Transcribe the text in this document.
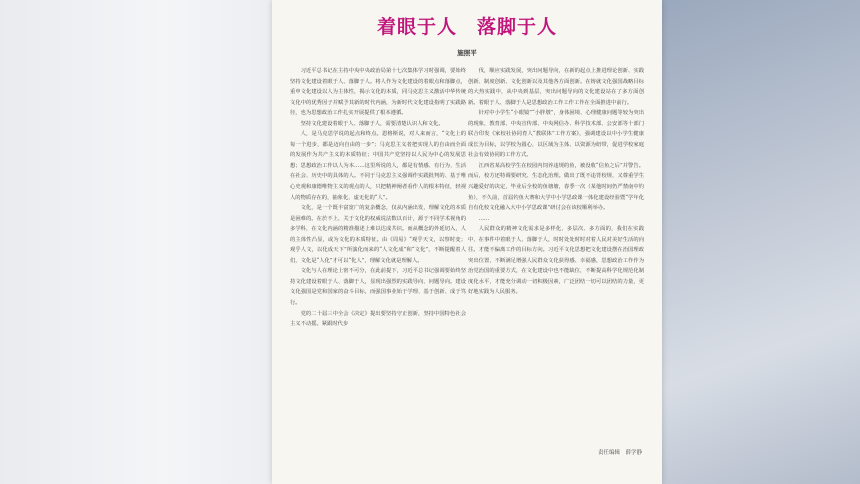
着眼于人　落脚于人
施照平

习近平总书记在主持中央中央政治局第十七次集体学习时强调，要始终坚持文化建设着眼于人、落脚于人。将人作为文化建设的着眼点和落脚点，重申文化建设以人为主体性，揭示文化的本质，同马克思主义激活中华传统文化中的优秀因子并赋予其新的时代内涵，为新时代文化建设指明了实践路径，也为思想政治工作扎实开展提供了根本遵循。

坚持文化建设着眼于人、落脚于人，需要清楚认识人和文化。

人，是马克思学说的起点和终点。恩格斯说，对人来而言，“文化上的每一个进步，都是迈向自由的一步”；马克思主义者把实现人的自由而全面的发展作为共产主义的本质特征；中国共产党坚持以人民为中心的发展思想；思想政治工作以人为本……这里所说的人，都是有情感、有行为、生活在社会、历史中的具体的人。不同于马克思主义强调作实践批判的、基于唯心史观和康德唯物主义的观点的人，只把精神阐者看作人的根本特征，轻视人的物质存在的，抽象化、虚无化的“人”。

文化，是一个既丰富宽广的复杂概念，仅从内涵出发，理解文化的本质是困难的。在於不上，关于文化的权威说法数以百计，源于不同学术视角的多学科，在文化内涵的精准描述上难以达成共识。而从概念的外延切入，人的主体性凸显，或为文化的本质特征。由《周易》“观乎天文，以察时变；观乎人文，以化成天下”所演化而来的“人文化成”和“文化”，不断提醒着人们，文化是“人化”才可以“化人”，理解文化就是理解人。

文化与人在理论上密不可分，在此前提下，习近平总书记强调要始终坚持文化建设着眼于人、落脚于人，显现出强烈的实践导向、问题导向。建设文化强国是党和国家的奋斗目标，而强国事业始于学理、基于创新、成于笃行。

党的二十届三中全会《决定》提出要坚持守正创新，坚持中国特色社会主义不动摇。紧跟时代步

伐，顺应实践发展，突出问题导向，在新的起点上推进理论创新、实践创新、制度创新、文化创新以及其他各方面创新。在铸就文化强国战略目标的大热实践中，从中央到基层，突出问题导向的文化建设站在了多方面创新。着眼于人、落脚于人是思想政治工作工作工作在全面推进中前行。

针对中小学生“小眼镜”“小胖墩”，身体困境、心理健康问题等较为突出的现象，教育部、中央宣传部、中央网信办、科学技术部、公安部等十部门联合印发《家校社协同育人“教联体”工作方案》，强调建设以中小学生健康成长为目标，以学校为圆心，以区域为主体、以资源为纽带，促进学校家庭社会有效协同的工作方式。

江西省某高校学生在校园内饲养违规的鱼，被没收“信鱼之后”并警告。而后，校方还特调要研究、生态化治理。做出了既不违背校规、又尊重学生兴趣爱好的决定，毕业后全校的鱼塘塘，春季一次（某他时间仍严禁南中钓鱼），不久前，首届钓鱼大赛和大学中小学思政课一体化建设经验暨“学年化自有化校文化融入大中小学思政课”研讨会在该校顺利举办。

……

人民群众的精神文化需求是多样化、多层次、多方面的，我们在实践中、在事件中着眼于人、落脚于人，时时处处时时对着人民对美好生活的向往。才能不偏离工作的目标方向。习近平文化思想把文化建设摆在治国理政突出位置，不断满足增强人民群众文化获得感、幸福感，思想政治工作作为治党治国的重要方式，在文化建设中也不能缺位，不断提高科学化规范化制度化水平，才能充分调动一切积极因素，广泛团结一切可以团结的力量，更好地实践为人民服务。

责任编辑　薛学静
